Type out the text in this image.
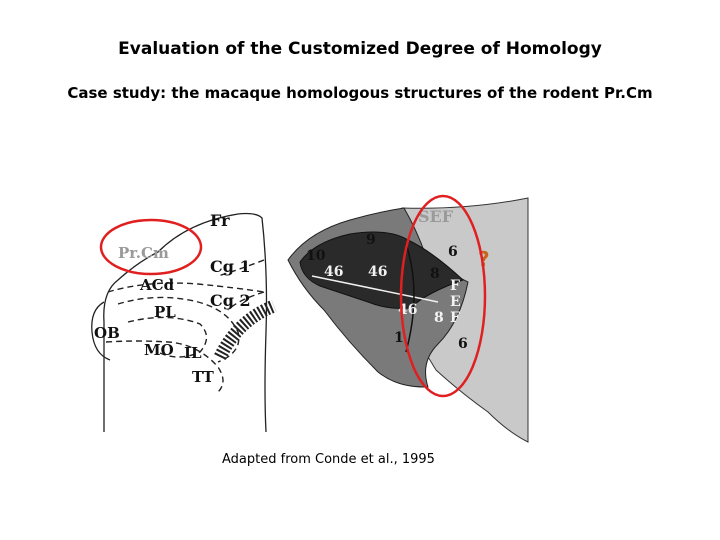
Evaluation of the Customized Degree of Homology
Case study: the macaque homologous structures of the rodent Pr.Cm
Fr
Pr.Cm
Cg 1
ACd
Cg 2
PL
OB
MO IL
TT
SEF
9
10
46 46
6
8
F
E
F
46 8
6
1
?
Adapted from Conde et al., 1995
